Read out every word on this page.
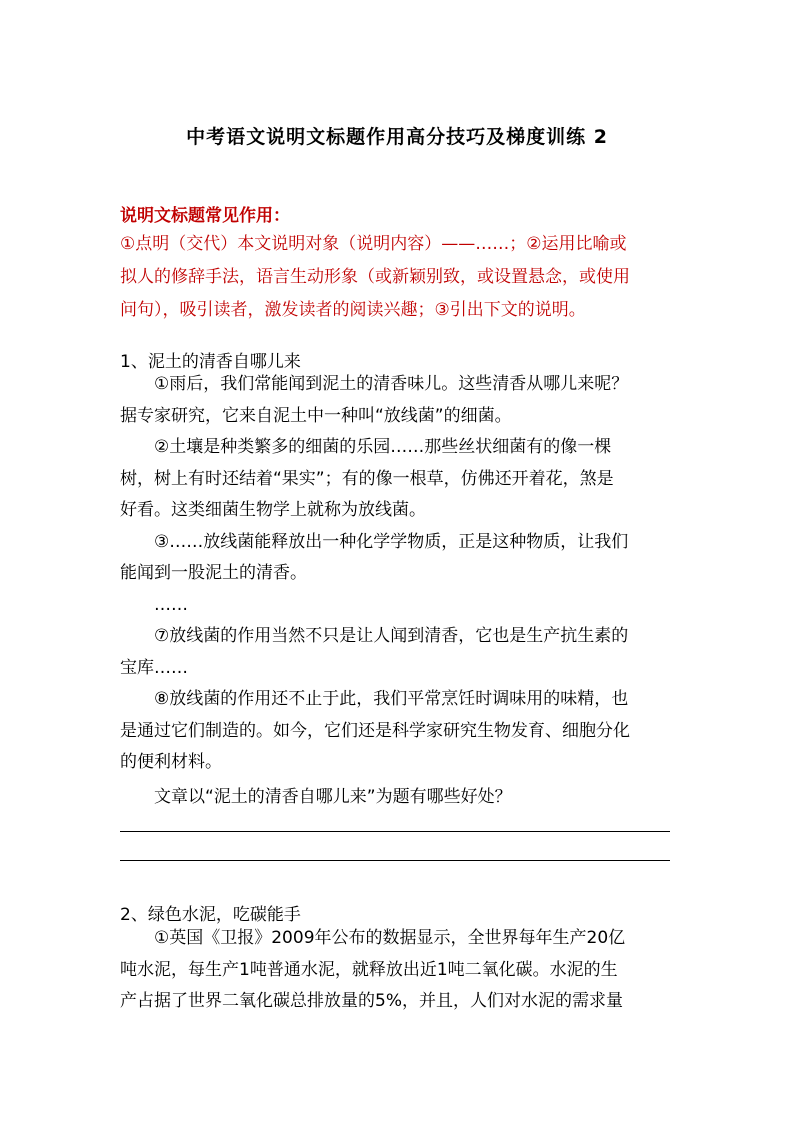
中考语文说明文标题作用高分技巧及梯度训练 2
说明文标题常见作用：
①点明（交代）本文说明对象（说明内容）——……；②运用比喻或
拟人的修辞手法，语言生动形象（或新颖别致，或设置悬念，或使用
问句），吸引读者，激发读者的阅读兴趣；③引出下文的说明。
1、泥土的清香自哪儿来
①雨后，我们常能闻到泥土的清香味儿。这些清香从哪儿来呢？
据专家研究，它来自泥土中一种叫“放线菌”的细菌。
②土壤是种类繁多的细菌的乐园……那些丝状细菌有的像一棵
树，树上有时还结着“果实”；有的像一根草，仿佛还开着花，煞是
好看。这类细菌生物学上就称为放线菌。
③……放线菌能释放出一种化学学物质，正是这种物质，让我们
能闻到一股泥土的清香。
……
⑦放线菌的作用当然不只是让人闻到清香，它也是生产抗生素的
宝库……
⑧放线菌的作用还不止于此，我们平常烹饪时调味用的味精，也
是通过它们制造的。如今，它们还是科学家研究生物发育、细胞分化
的便利材料。
文章以“泥土的清香自哪儿来”为题有哪些好处？
2、绿色水泥，吃碳能手
①英国《卫报》2009年公布的数据显示，全世界每年生产20亿
吨水泥，每生产1吨普通水泥，就释放出近1吨二氧化碳。水泥的生
产占据了世界二氧化碳总排放量的5%，并且，人们对水泥的需求量
